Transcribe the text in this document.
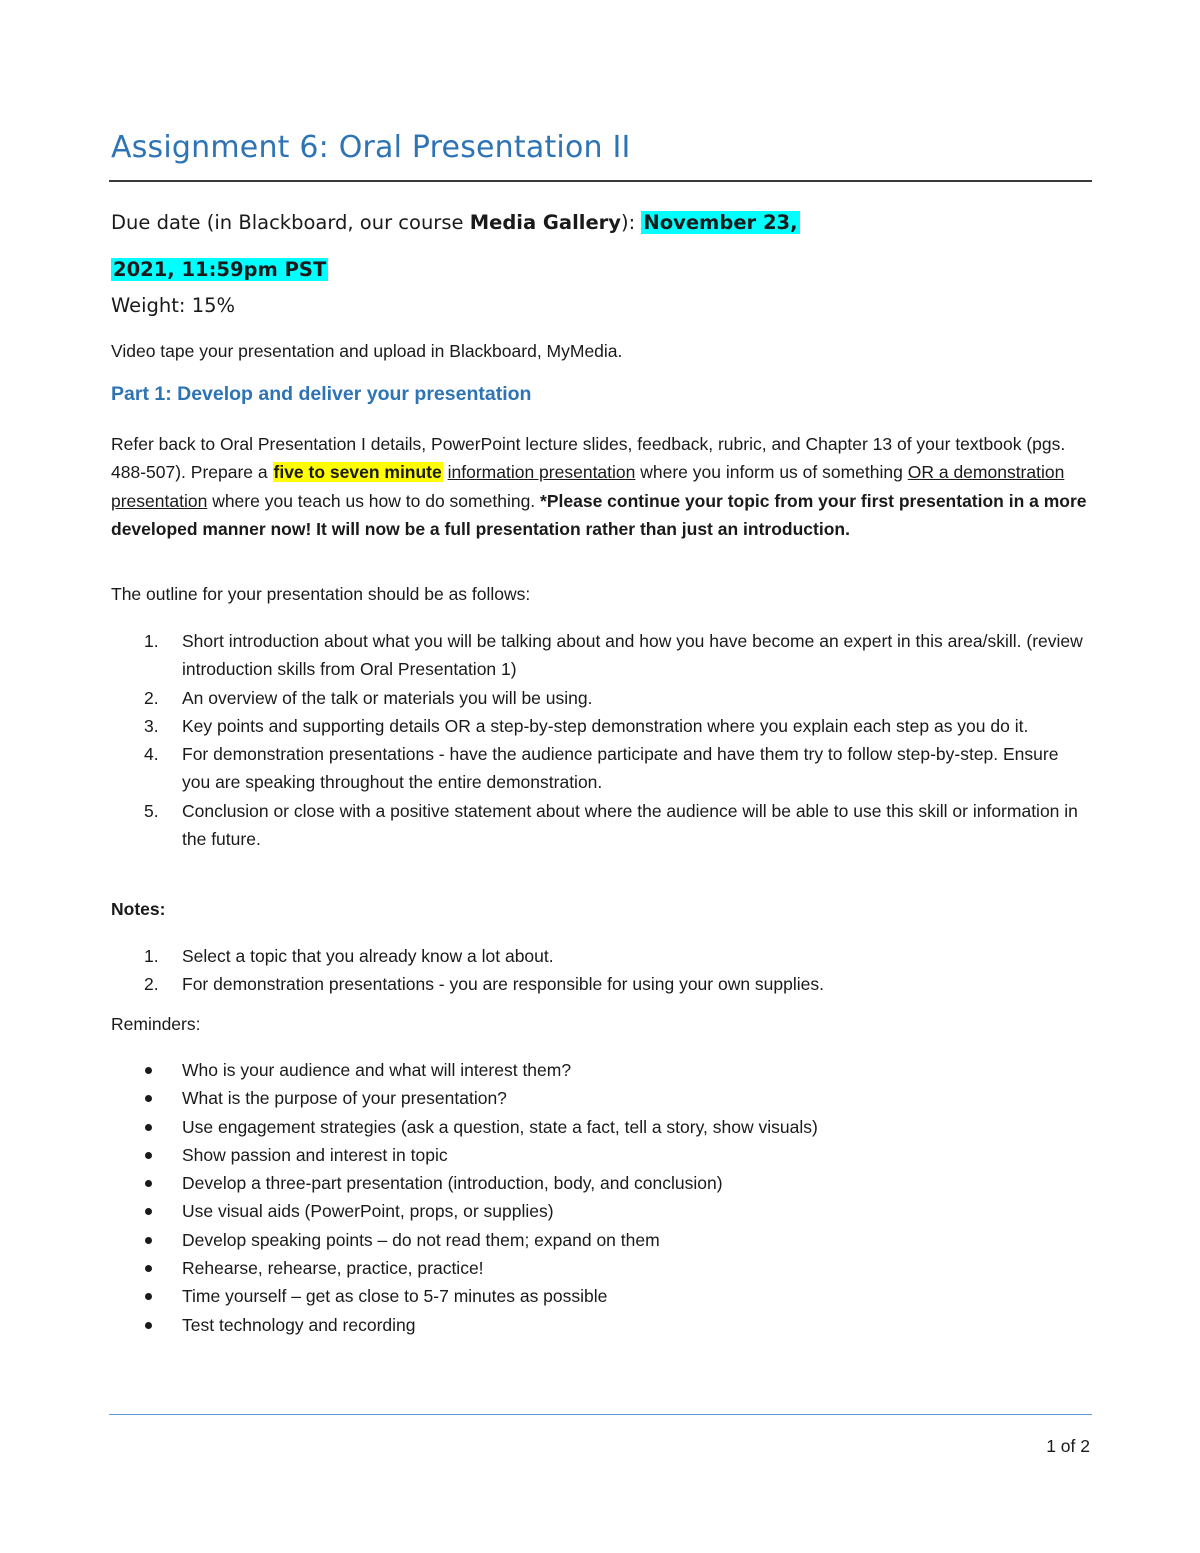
Assignment 6: Oral Presentation II

Due date (in Blackboard, our course Media Gallery): November 23,
2021, 11:59pm PST

Weight: 15%

Video tape your presentation and upload in Blackboard, MyMedia.

Part 1: Develop and deliver your presentation

Refer back to Oral Presentation I details, PowerPoint lecture slides, feedback, rubric, and Chapter 13 of your textbook (pgs. 488-507). Prepare a five to seven minute information presentation where you inform us of something OR a demonstration presentation where you teach us how to do something. *Please continue your topic from your first presentation in a more developed manner now! It will now be a full presentation rather than just an introduction.

The outline for your presentation should be as follows:

1. Short introduction about what you will be talking about and how you have become an expert in this area/skill. (review introduction skills from Oral Presentation 1)
2. An overview of the talk or materials you will be using.
3. Key points and supporting details OR a step-by-step demonstration where you explain each step as you do it.
4. For demonstration presentations - have the audience participate and have them try to follow step-by-step. Ensure you are speaking throughout the entire demonstration.
5. Conclusion or close with a positive statement about where the audience will be able to use this skill or information in the future.

Notes:

1. Select a topic that you already know a lot about.
2. For demonstration presentations - you are responsible for using your own supplies.

Reminders:

Who is your audience and what will interest them?
What is the purpose of your presentation?
Use engagement strategies (ask a question, state a fact, tell a story, show visuals)
Show passion and interest in topic
Develop a three-part presentation (introduction, body, and conclusion)
Use visual aids (PowerPoint, props, or supplies)
Develop speaking points – do not read them; expand on them
Rehearse, rehearse, practice, practice!
Time yourself – get as close to 5-7 minutes as possible
Test technology and recording

1 of 2
